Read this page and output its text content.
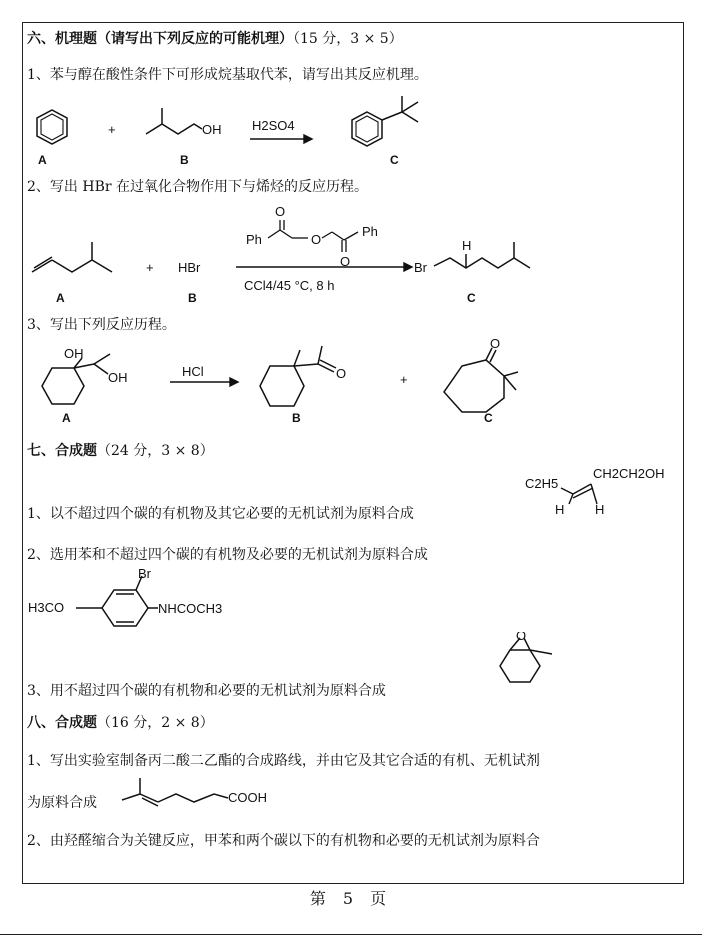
六、机理题（请写出下列反应的可能机理）（15 分，3 × 5）
1、苯与醇在酸性条件下可形成烷基取代苯，请写出其反应机理。
A
+	OH
B
H2SO4
C
2、写出 HBr 在过氧化合物作用下与烯烃的反应历程。
A
+ HBr
B
Ph
O
O
O
Ph
CCl4/45 °C, 8 h
Br
H
C
3、写出下列反应历程。
OH
OH
A
HCl	O
B
+
O
C
七、合成题（24 分，3 × 8）
C2H5
CH2CH2OH
H H
1、以不超过四个碳的有机物及其它必要的无机试剂为原料合成
2、选用苯和不超过四个碳的有机物及必要的无机试剂为原料合成
H3CO
Br
NHCOCH3
O
3、用不超过四个碳的有机物和必要的无机试剂为原料合成
八、合成题（16 分，2 × 8）
1、写出实验室制备丙二酸二乙酯的合成路线，并由它及其它合适的有机、无机试剂
为原料合成	COOH
2、由羟醛缩合为关键反应，甲苯和两个碳以下的有机物和必要的无机试剂为原料合
第 5 页
